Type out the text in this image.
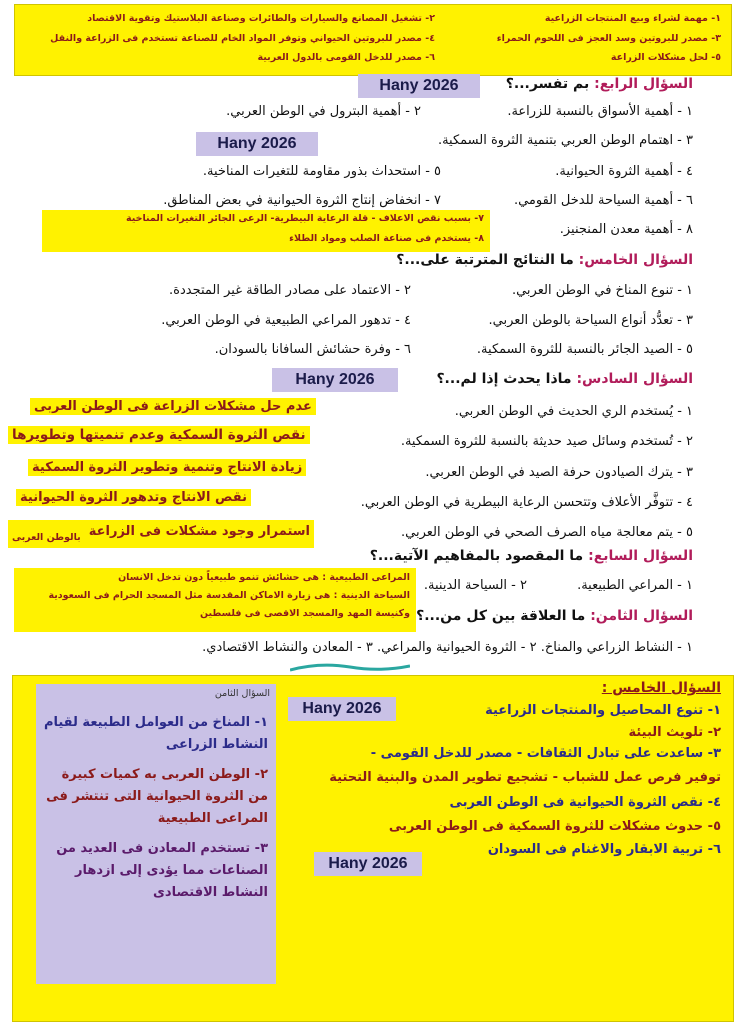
١- مهمة لشراء وبيع المنتجات الزراعية
٣- مصدر للبروتين وسد العجز فى اللحوم الحمراء
٥- لحل مشكلات الزراعة
٢- تشغيل المصانع والسيارات والطائرات وصناعة البلاستيك وتقوية الاقتصاد
٤- مصدر للبروتين الحيواني وتوفر المواد الخام للصناعة تستخدم فى الزراعة والنقل
٦- مصدر للدخل القومى بالدول العربية
Hany 2026	السؤال الرابع: بم تفسر...؟
١ - أهمية الأسواق بالنسبة للزراعة.
٢ - أهمية البترول في الوطن العربي.
Hany 2026	٣ - اهتمام الوطن العربي بتنمية الثروة السمكية.
٤ - أهمية الثروة الحيوانية.
٥ - استحداث بذور مقاومة للتغيرات المناخية.
٦ - أهمية السياحة للدخل القومي.
٧ - انخفاض إنتاج الثروة الحيوانية في بعض المناطق.
٧- بسبب نقص الاعلاف - قلة الرعاية البيطرية- الرعى الجائر التغيرات المناخية
٨- يستخدم فى صناعة الصلب ومواد الطلاء
٨ - أهمية معدن المنجنيز.
السؤال الخامس: ما النتائج المترتبة على...؟
١ - تنوع المناخ في الوطن العربي.
٢ - الاعتماد على مصادر الطاقة غير المتجددة.
٣ - تعدُّد أنواع السياحة بالوطن العربي.
٤ - تدهور المراعي الطبيعية في الوطن العربي.
٥ - الصيد الجائر بالنسبة للثروة السمكية.
٦ - وفرة حشائش السافانا بالسودان.
Hany 2026	السؤال السادس: ماذا يحدث إذا لم...؟
١ - يُستخدم الري الحديث في الوطن العربي.
عدم حل مشكلات الزراعة فى الوطن العربى
٢ - تُستخدم وسائل صيد حديثة بالنسبة للثروة السمكية.
نقص الثروة السمكية وعدم تنميتها وتطويرها
٣ - يترك الصيادون حرفة الصيد في الوطن العربي.
زيادة الانتاج وتنمية وتطوير الثروة السمكية
٤ - تتوفَّر الأعلاف وتتحسن الرعاية البيطرية في الوطن العربي.
نقص الانتاج وتدهور الثروة الحيوانية
٥ - يتم معالجة مياه الصرف الصحي في الوطن العربي.
استمرار وجود مشكلات فى الزراعة
بالوطن العربى
السؤال السابع: ما المقصود بالمفاهيم الآتية...؟
١ - المراعي الطبيعية.
٢ - السياحة الدينية.
المراعى الطبيعية : هى حشائش تنمو طبيعياً دون تدخل الانسان
السياحة الدينية : هى زيارة الاماكن المقدسة مثل المسجد الحرام فى السعودية
وكنيسة المهد والمسجد الاقصى فى فلسطين	السؤال الثامن: ما العلاقة بين كل من...؟
١ - النشاط الزراعي والمناخ. ٢ - الثروة الحيوانية والمراعي. ٣ - المعادن والنشاط الاقتصادي.
السؤال الثامن
١- المناخ من العوامل الطبيعة لقيام النشاط الزراعى
٢- الوطن العربى به كميات كبيرة من الثروة الحيوانية التى تنتشر فى المراعى الطبيعية
٣- تستخدم المعادن فى العديد من الصناعات مما يؤدى إلى ازدهار النشاط الاقتصادى
السؤال الخامس :
Hany 2026	١- تنوع المحاصيل والمنتجات الزراعية
٢- تلويث البيئة
٣- ساعدت على تبادل الثقافات - مصدر للدخل القومى -
توفير فرص عمل للشباب - تشجيع تطوير المدن والبنية التحتية
٤- نقص الثروة الحيوانية فى الوطن العربى
٥- حدوث مشكلات للثروة السمكية فى الوطن العربى
٦- تربية الابقار والاغنام فى السودان
Hany 2026
